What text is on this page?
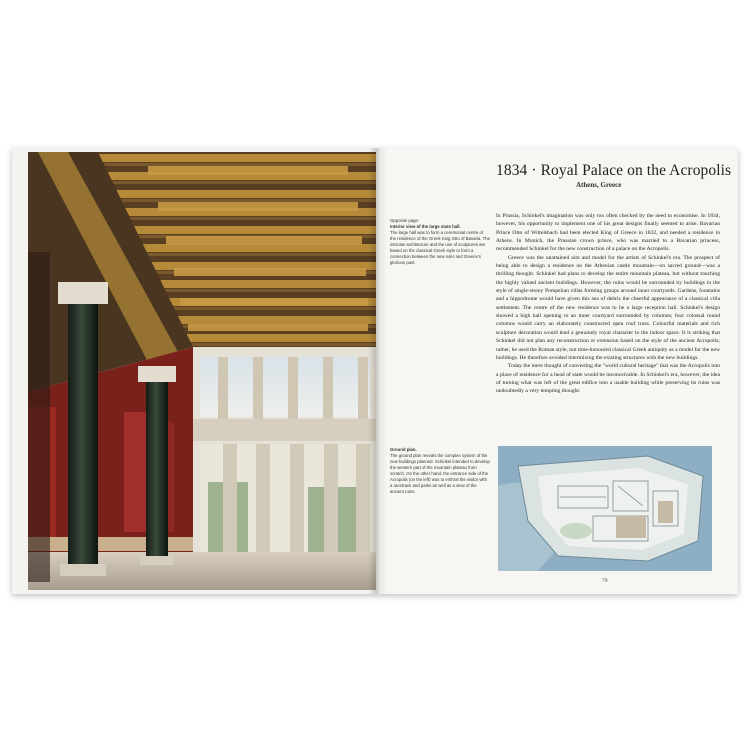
1834 · Royal Palace on the Acropolis
Athens, Greece
Opposite page:
Interior view of the large state hall.
The large hall was to form a ceremonial centre of the residence of the Greek King Otto of Bavaria. The intricate architecture and the use of sculptures are based on the classical Greek style to form a connection between the new ruler and Greece's glorious past.
Ground plan.
The ground plan reveals the complex system of the new buildings planned. Schinkel intended to develop the western part of the mountain plateau from scratch. On the other hand, the entrance side of the Acropolis (on the left) was to enthral the visitor with a racetrack and parks as well as a view of the ancient ruins.

In Prussia, Schinkel's imagination was only too often checked by the need to economise. In 1834, however, his opportunity to implement one of his great designs finally seemed to arise. Bavarian Prince Otto of Wittelsbach had been elected King of Greece in 1832, and needed a residence in Athens. In Munich, the Prussian crown prince, who was married to a Bavarian princess, recommended Schinkel for the new construction of a palace on the Acropolis.

Greece was the unattained aim and model for the artists of Schinkel's era. The prospect of being able to design a residence on the Athenian castle mountain—on sacred ground—was a thrilling thought. Schinkel had plans to develop the entire mountain plateau, but without touching the highly valued ancient buildings. However, the ruins would be surrounded by buildings in the style of single-storey Pompeiian villas forming groups around inner courtyards. Gardens, fountains and a hippodrome would have given this sea of debris the cheerful appearance of a classical villa settlement. The centre of the new residence was to be a large reception hall. Schinkel's design showed a high hall opening to an inner courtyard surrounded by columns; four colossal round columns would carry an elaborately constructed open roof truss. Colourful materials and rich sculpture decoration would lend a genuinely royal character to the indoor space. It is striking that Schinkel did not plan any reconstruction or extension based on the style of the ancient Acropolis; rather, he used the Roman style, not time-honoured classical Greek antiquity as a model for the new buildings. He therefore avoided intermixing the existing structures with the new buildings.

Today the mere thought of converting the "world cultural heritage" that was the Acropolis into a place of residence for a head of state would be inconceivable. In Schinkel's era, however, the idea of turning what was left of the great edifice into a usable building while preserving its ruins was undoubtedly a very tempting thought.

79
